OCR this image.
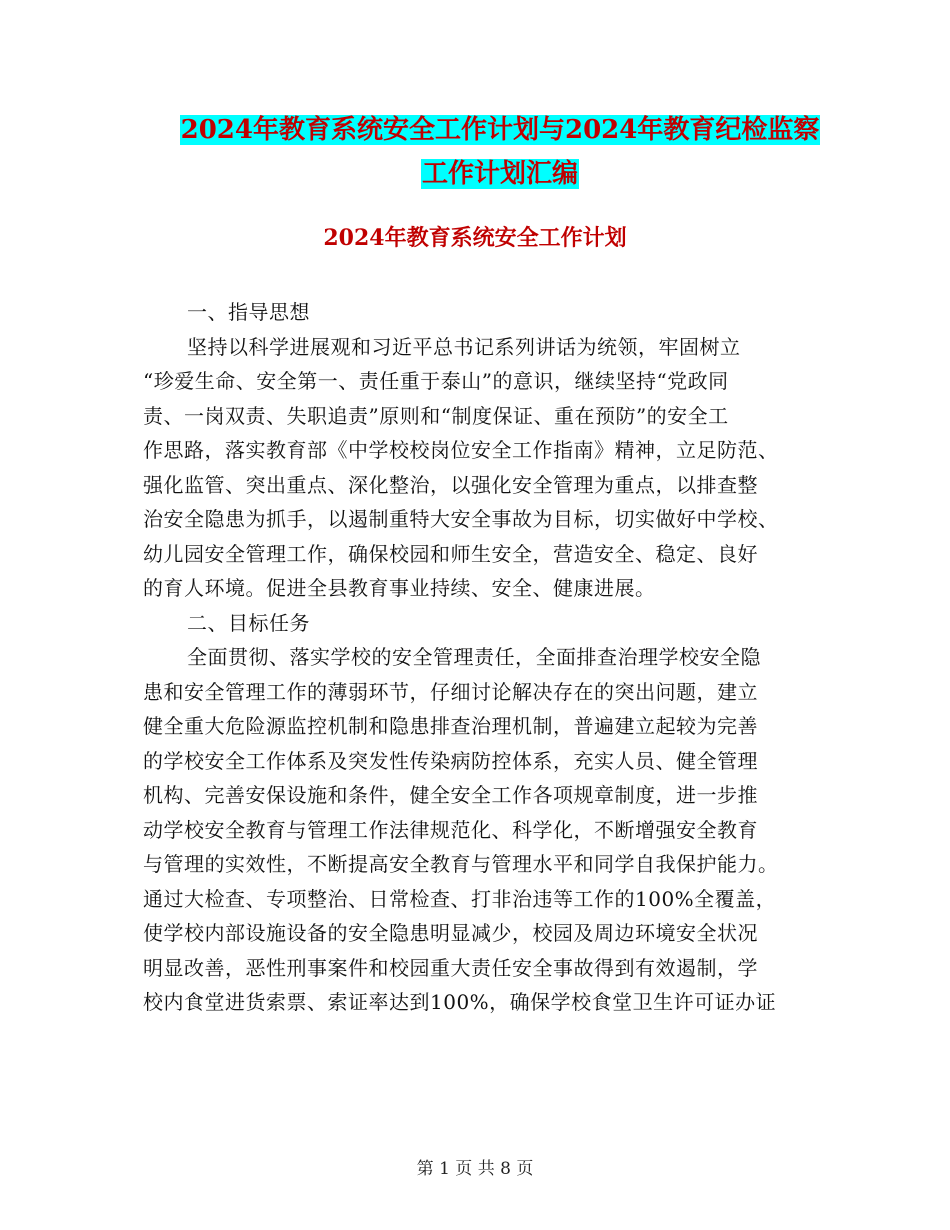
2024年教育系统安全工作计划与2024年教育纪检监察
工作计划汇编
2024年教育系统安全工作计划
一、指导思想
坚持以科学进展观和习近平总书记系列讲话为统领，牢固树立
“珍爱生命、安全第一、责任重于泰山”的意识，继续坚持“党政同
责、一岗双责、失职追责”原则和“制度保证、重在预防”的安全工
作思路，落实教育部《中学校校岗位安全工作指南》精神，立足防范、
强化监管、突出重点、深化整治，以强化安全管理为重点，以排查整
治安全隐患为抓手，以遏制重特大安全事故为目标，切实做好中学校、
幼儿园安全管理工作，确保校园和师生安全，营造安全、稳定、良好
的育人环境。促进全县教育事业持续、安全、健康进展。
二、目标任务
全面贯彻、落实学校的安全管理责任，全面排查治理学校安全隐
患和安全管理工作的薄弱环节，仔细讨论解决存在的突出问题，建立
健全重大危险源监控机制和隐患排查治理机制，普遍建立起较为完善
的学校安全工作体系及突发性传染病防控体系，充实人员、健全管理
机构、完善安保设施和条件，健全安全工作各项规章制度，进一步推
动学校安全教育与管理工作法律规范化、科学化，不断增强安全教育
与管理的实效性，不断提高安全教育与管理水平和同学自我保护能力。
通过大检查、专项整治、日常检查、打非治违等工作的100%全覆盖，
使学校内部设施设备的安全隐患明显减少，校园及周边环境安全状况
明显改善，恶性刑事案件和校园重大责任安全事故得到有效遏制，学
校内食堂进货索票、索证率达到100%，确保学校食堂卫生许可证办证
第 1 页 共 8 页
